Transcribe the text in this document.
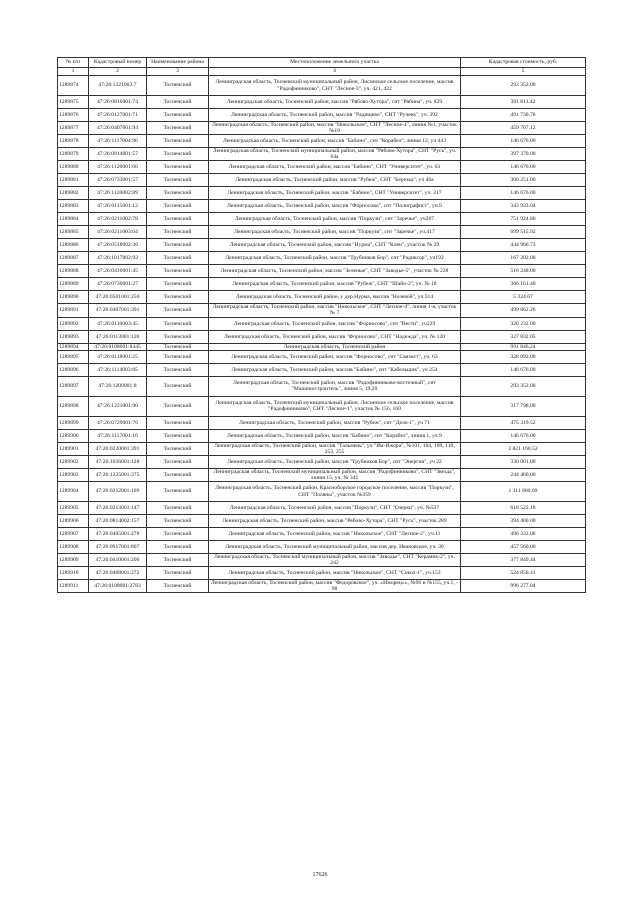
№ п/п	Кадастровый номер	Наименование района	Местоположение земельного участка	Кадастровая стоимость, руб.
1	2	3	4	5
1289874	47:26:1221003:7	Тосненский	Ленинградская область, Тосненский муниципальный район, Лисинское сельское поселение, массив "Радофинниково", СНТ "Лесное-3", уч. 421, 422	293 352.00
1289875	47:26:0816001:74	Тосненский	Ленинградская область, Тосненский район, массив "Рябово-Хутора", снт "Рябина", уч. 829	391 811.42
1289876	47:26:0127001:71	Тосненский	Ленинградская область, Тосненский район, массив "Радищево", СНТ "Ручеек", уч. 392	491 730.78
1289877	47:26:0407001:94	Тосненский	Ленинградская область, Тосненский район, массив "Никольское", СНТ "Лесное-4", линия №1, участок №19	459 707.12
1289878	47:26:1117004:96	Тосненский	Ленинградская область, Тосненский район, массив "Бабино", снт "Корабел", линия 12, уч 443	146 676.00
1289879	47:26:0814001:57	Тосненский	Ленинградская область, Тосненский муниципальный район, массив "Рябово-Хутора", СНТ "Русь", уч. 64а	397 370.00
1289880	47:26:1120001:66	Тосненский	Ленинградская область, Тосненский район, массив "Бабино", СНТ "Университет", уч. 63	146 676.00
1289881	47:26:0733001:57	Тосненский	Ленинградская область, Тосненский район, массив "Рубеж", СНТ "Березка", уч 46а	300 251.00
1289882	47:26:1120002:89	Тосненский	Ленинградская область, Тосненский район, массив "Бабино", СНТ "Университет", уч. 217	146 676.00
1289883	47:26:0115001:12	Тосненский	Ленинградская область, Тосненский район, массив "Форносово", снт "Полиграфист", уч.9	343 933.04
1289884	47:26:0211002:78	Тосненский	Ленинградская область, Тосненский район, массив "Поркузи", снт "Заречье", уч267	751 924.80
1289885	47:26:0211003:64	Тосненский	Ленинградская область, Тосненский район, массив "Поркузи", снт "Заречье", уч.417	699 515.92
1289886	47:26:0518002:36	Тосненский	Ленинградская область, Тосненский район, массив "Нурма", СНТ "Клен", участок № 29	444 966.73
1289887	47:26:1017002:92	Тосненский	Ленинградская область, Тосненский район, массив "Трубников Бор", снт "Радиксор", уч192	167 202.00
1289888	47:26:0416001:45	Тосненский	Ленинградская область, Тосненский район, массив "Зеленые", СНТ "Заводье-5", участок № 228	516 248.00
1289889	47:26:0730001:27	Тосненский	Ленинградская область, Тосненский район, массив "Рубеж", СНТ "Шайо-2", уч. № 18	366 161.40
1289890	47:26:0501001:256	Тосненский	Ленинградская область, Тосненский район, у дер.Нурма, массив "Нозевой", уч.314	5 324.67
1289891	47:26:0407001:391	Тосненский	Ленинградская область, Тосненский район, массив "Никольское", СНТ "Лесное-4", линия 1-я, участок № 7	499 862.26
1289892	47:26:0110003:45	Тосненский	Ленинградская область, Тосненский район, массив "Форносово", снт "Вести", уч229	320 232.00
1289893	47:26:0113001:120	Тосненский	Ленинградская область, Тосненский район, массив "Форносово", СНТ "Надежда", уч. № 120	327 832.05
1289894	47:26:0108001:8445	Тосненский	Ленинградская область, Тосненский район	991 846.24
1289895	47:26:0118001:25	Тосненский	Ленинградская область, Тосненский район, массив "Форносово", снт "Связист", уч. 63	328 092.00
1289896	47:26:1114003:85	Тосненский	Ленинградская область, Тосненский район, массив "Бабино", снт "Кабельщик", уч 254	146 676.00
1289897	47:26:1209001:8	Тосненский	Ленинградская область, Тосненский район, массив "Радофинниково-восточный", снт "Машиностроитель", линия 5, 19,20	293 352.00
1289898	47:26:1221001:90	Тосненский	Ленинградская область, Тосненский муниципальный район, Лисинское сельское поселение, массив "Радофинниково", СНТ "Лесное-1", участок № 156, 160	317 798.00
1289899	47:26:0729001:76	Тосненский	Ленинградская область, Тосненский район, массив "Рубеж", снт "Дело-1", уч 71	475 319.52
1289900	47:26:1117001:16	Тосненский	Ленинградская область, Тосненский район, массив "Бабино", снт "Корабел", линия 1, уч 9	146 676.00
1289901	47:26:0220001:391	Тосненский	Ленинградская область, Тосненский район, массив "Тальмень", уч "Ям-Ижора", №101, 104, 109, 110, 253, 255	2 821 160.52
1289902	47:26:1036001:128	Тосненский	Ленинградская область, Тосненский район, массив "Трубников Бор", снт "Энергия", уч 22	330 001.00
1289903	47:26:1225001:375	Тосненский	Ленинградская область, Тосненский муниципальный район, массив "Радофинниково", СНТ "Звезда", линия 15, уч. № 341	244 460.00
1289904	47:26:0212001:109	Тосненский	Ленинградская область, Тосненский район, Красноборское городское поселение, массив "Поркузи", СНТ "Поляны", участок №359	1 111 860.09
1289905	47:26:0213003:147	Тосненский	Ленинградская область, Тосненский район, массив "Поркузи", СНТ "Озерки", уч. №537	618 522.18
1289906	47:26:0814002:157	Тосненский	Ленинградская область, Тосненский район, массив "Рябово-Хутора", СНТ "Русь", участок 289	394 400.00
1289907	47:26:0405001:278	Тосненский	Ленинградская область, Тосненский район, массив "Никольское", СНТ "Лесное-2", уч.11	496 332.06
1289908	47:26:0917001:807	Тосненский	Ленинградская область, Тосненский муниципальный район, массив дер. Ивановское, уч. 30	457 560.00
1289909	47:26:0410001:206	Тосненский	Ленинградская область, Тосненский муниципальный район, массив "Заводье", СНТ "Керамик-2", уч. 242	377 849.44
1289910	47:26:0408001:272	Тосненский	Ленинградская область, Тосненский район, массив "Никольское", СНТ "Сокол-1", уч.153	524 850.41
1289911	47:26:0108001:2783	Тосненский	Ленинградская область, Тосненский район, массив "Федоровское", уч. «Ижорец»», №96 и №155, уч.1, - 98	996 277.04
17626
